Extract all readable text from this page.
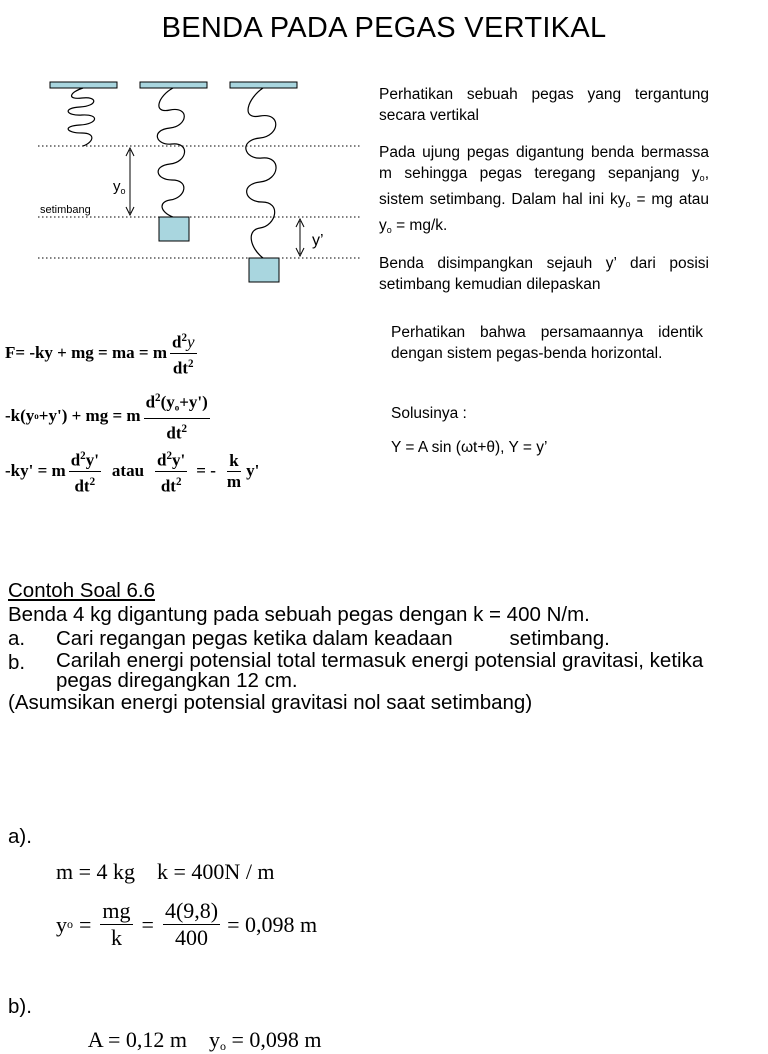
BENDA PADA PEGAS VERTIKAL
$y_o$
setimbang
y’
Perhatikan sebuah pegas yang tergantung secara vertikal
Pada ujung pegas digantung benda bermassa m sehingga pegas teregang sepanjang yo, sistem setimbang. Dalam hal ini kyo = mg atau yo = mg/k.
Benda disimpangkan sejauh y’ dari posisi setimbang kemudian dilepaskan
F= -ky + mg = ma = m $\frac{d^2y}{dt^2}$
-k(y o +y') + mg = m $\frac{d^2(yo+y')}{dt^2}$
-ky' = m $\frac{d^2y'}{dt^2}$ atau $\frac{d^2y'}{dt^2}$ = - $\frac{k}{m} y'$
Perhatikan bahwa persamaannya identik dengan sistem pegas-benda horizontal.
Solusinya :
Y = A sin (ωt+θ), Y = y’
Contoh Soal 6.6
Benda 4 kg digantung pada sebuah pegas dengan k = 400 N/m.
a.	Cari regangan pegas ketika dalam keadaan          setimbang.
b.	Carilah energi potensial total termasuk energi potensial gravitasi, ketika pegas diregangkan 12 cm.
(Asumsikan energi potensial gravitasi nol saat setimbang)
a).
m = 4 kg    k = 400N / m
y $o = \frac{mg}{k} = \frac{4(9,8)}{400} = 0,098$ m
b).

A = 0,12 m    yo = 0,098 m
